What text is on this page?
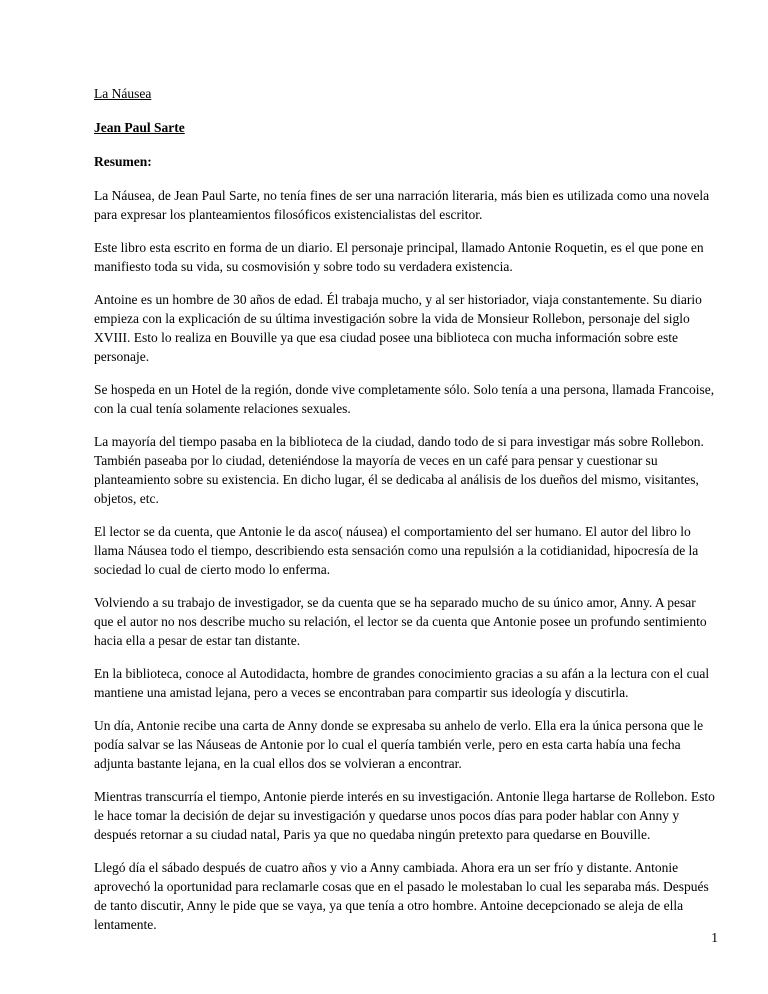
La Náusea
Jean Paul Sarte
Resumen:

La Náusea, de Jean Paul Sarte, no tenía fines de ser una narración literaria, más bien es utilizada como una novela para expresar los planteamientos filosóficos existencialistas del escritor.

Este libro esta escrito en forma de un diario. El personaje principal, llamado Antonie Roquetin, es el que pone en manifiesto toda su vida, su cosmovisión y sobre todo su verdadera existencia.

Antoine es un hombre de 30 años de edad. Él trabaja mucho, y al ser historiador, viaja constantemente. Su diario empieza con la explicación de su última investigación sobre la vida de Monsieur Rollebon, personaje del siglo XVIII. Esto lo realiza en Bouville ya que esa ciudad posee una biblioteca con mucha información sobre este personaje.

Se hospeda en un Hotel de la región, donde vive completamente sólo. Solo tenía a una persona, llamada Francoise, con la cual tenía solamente relaciones sexuales.

La mayoría del tiempo pasaba en la biblioteca de la ciudad, dando todo de si para investigar más sobre Rollebon. También paseaba por lo ciudad, deteniéndose la mayoría de veces en un café para pensar y cuestionar su planteamiento sobre su existencia. En dicho lugar, él se dedicaba al análisis de los dueños del mismo, visitantes, objetos, etc.

El lector se da cuenta, que Antonie le da asco( náusea) el comportamiento del ser humano. El autor del libro lo llama Náusea todo el tiempo, describiendo esta sensación como una repulsión a la cotidianidad, hipocresía de la sociedad lo cual de cierto modo lo enferma.

Volviendo a su trabajo de investigador, se da cuenta que se ha separado mucho de su único amor, Anny. A pesar que el autor no nos describe mucho su relación, el lector se da cuenta que Antonie posee un profundo sentimiento hacia ella a pesar de estar tan distante.

En la biblioteca, conoce al Autodidacta, hombre de grandes conocimiento gracias a su afán a la lectura con el cual mantiene una amistad lejana, pero a veces se encontraban para compartir sus ideología y discutirla.

Un día, Antonie recibe una carta de Anny donde se expresaba su anhelo de verlo. Ella era la única persona que le podía salvar se las Náuseas de Antonie por lo cual el quería también verle, pero en esta carta había una fecha adjunta bastante lejana, en la cual ellos dos se volvieran a encontrar.

Mientras transcurría el tiempo, Antonie pierde interés en su investigación. Antonie llega hartarse de Rollebon. Esto le hace tomar la decisión de dejar su investigación y quedarse unos pocos días para poder hablar con Anny y después retornar a su ciudad natal, Paris ya que no quedaba ningún pretexto para quedarse en Bouville.

Llegó día el sábado después de cuatro años y vio a Anny cambiada. Ahora era un ser frío y distante. Antonie aprovechó la oportunidad para reclamarle cosas que en el pasado le molestaban lo cual les separaba más. Después de tanto discutir, Anny le pide que se vaya, ya que tenía a otro hombre. Antoine decepcionado se aleja de ella lentamente.

1
